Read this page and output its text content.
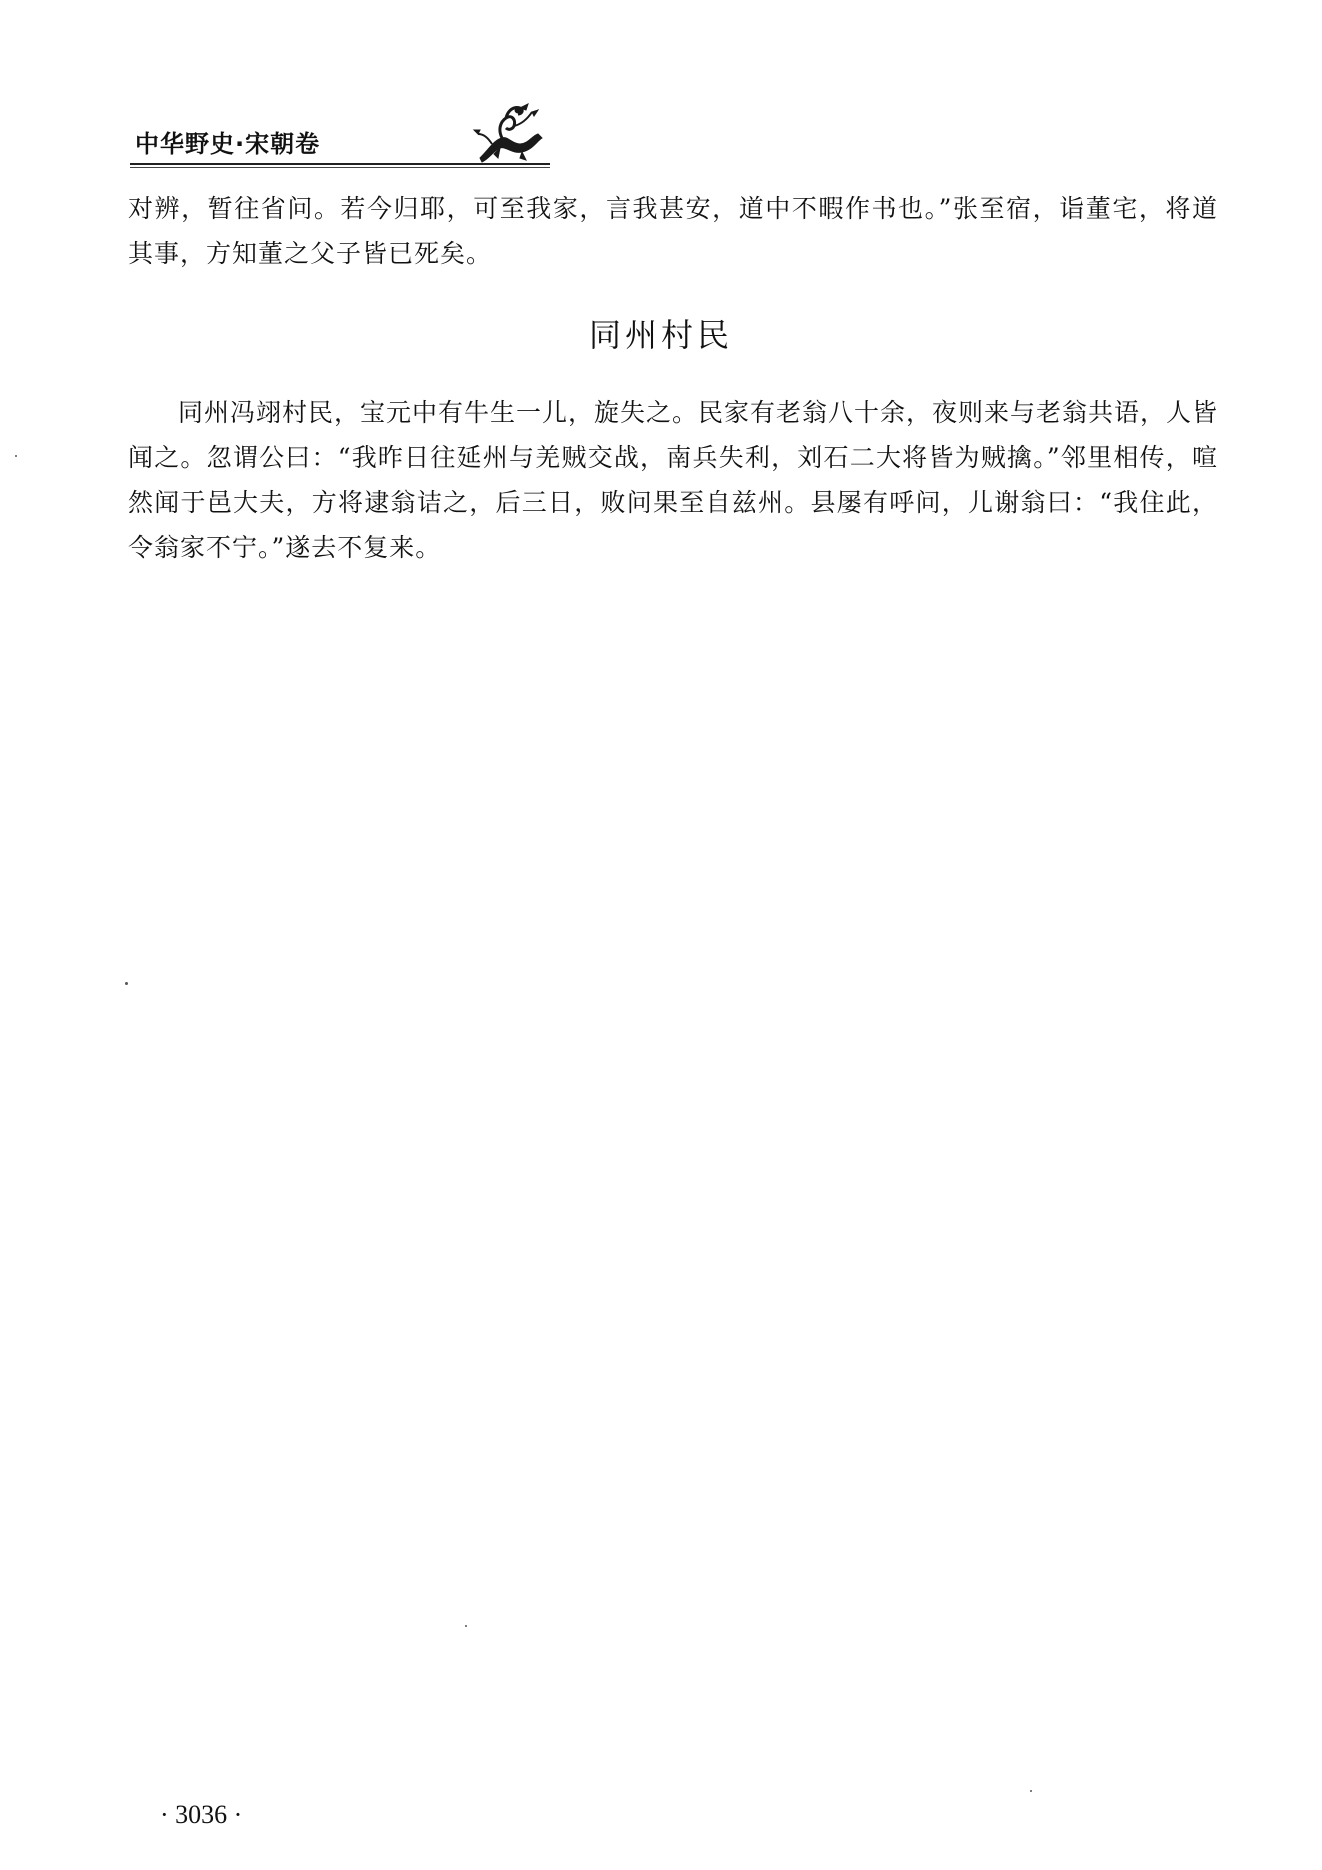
中华野史·宋朝卷

对辨，暂往省问。若今归耶，可至我家，言我甚安，道中不暇作书也。”张至宿，诣董宅，将道其事，方知董之父子皆已死矣。

同州村民

同州冯翊村民，宝元中有牛生一儿，旋失之。民家有老翁八十余，夜则来与老翁共语，人皆闻之。忽谓公曰：“我昨日往延州与羌贼交战，南兵失利，刘石二大将皆为贼擒。”邻里相传，喧然闻于邑大夫，方将逮翁诘之，后三日，败问果至自兹州。县屡有呼问，儿谢翁曰：“我住此，令翁家不宁。”遂去不复来。

· 3036 ·
